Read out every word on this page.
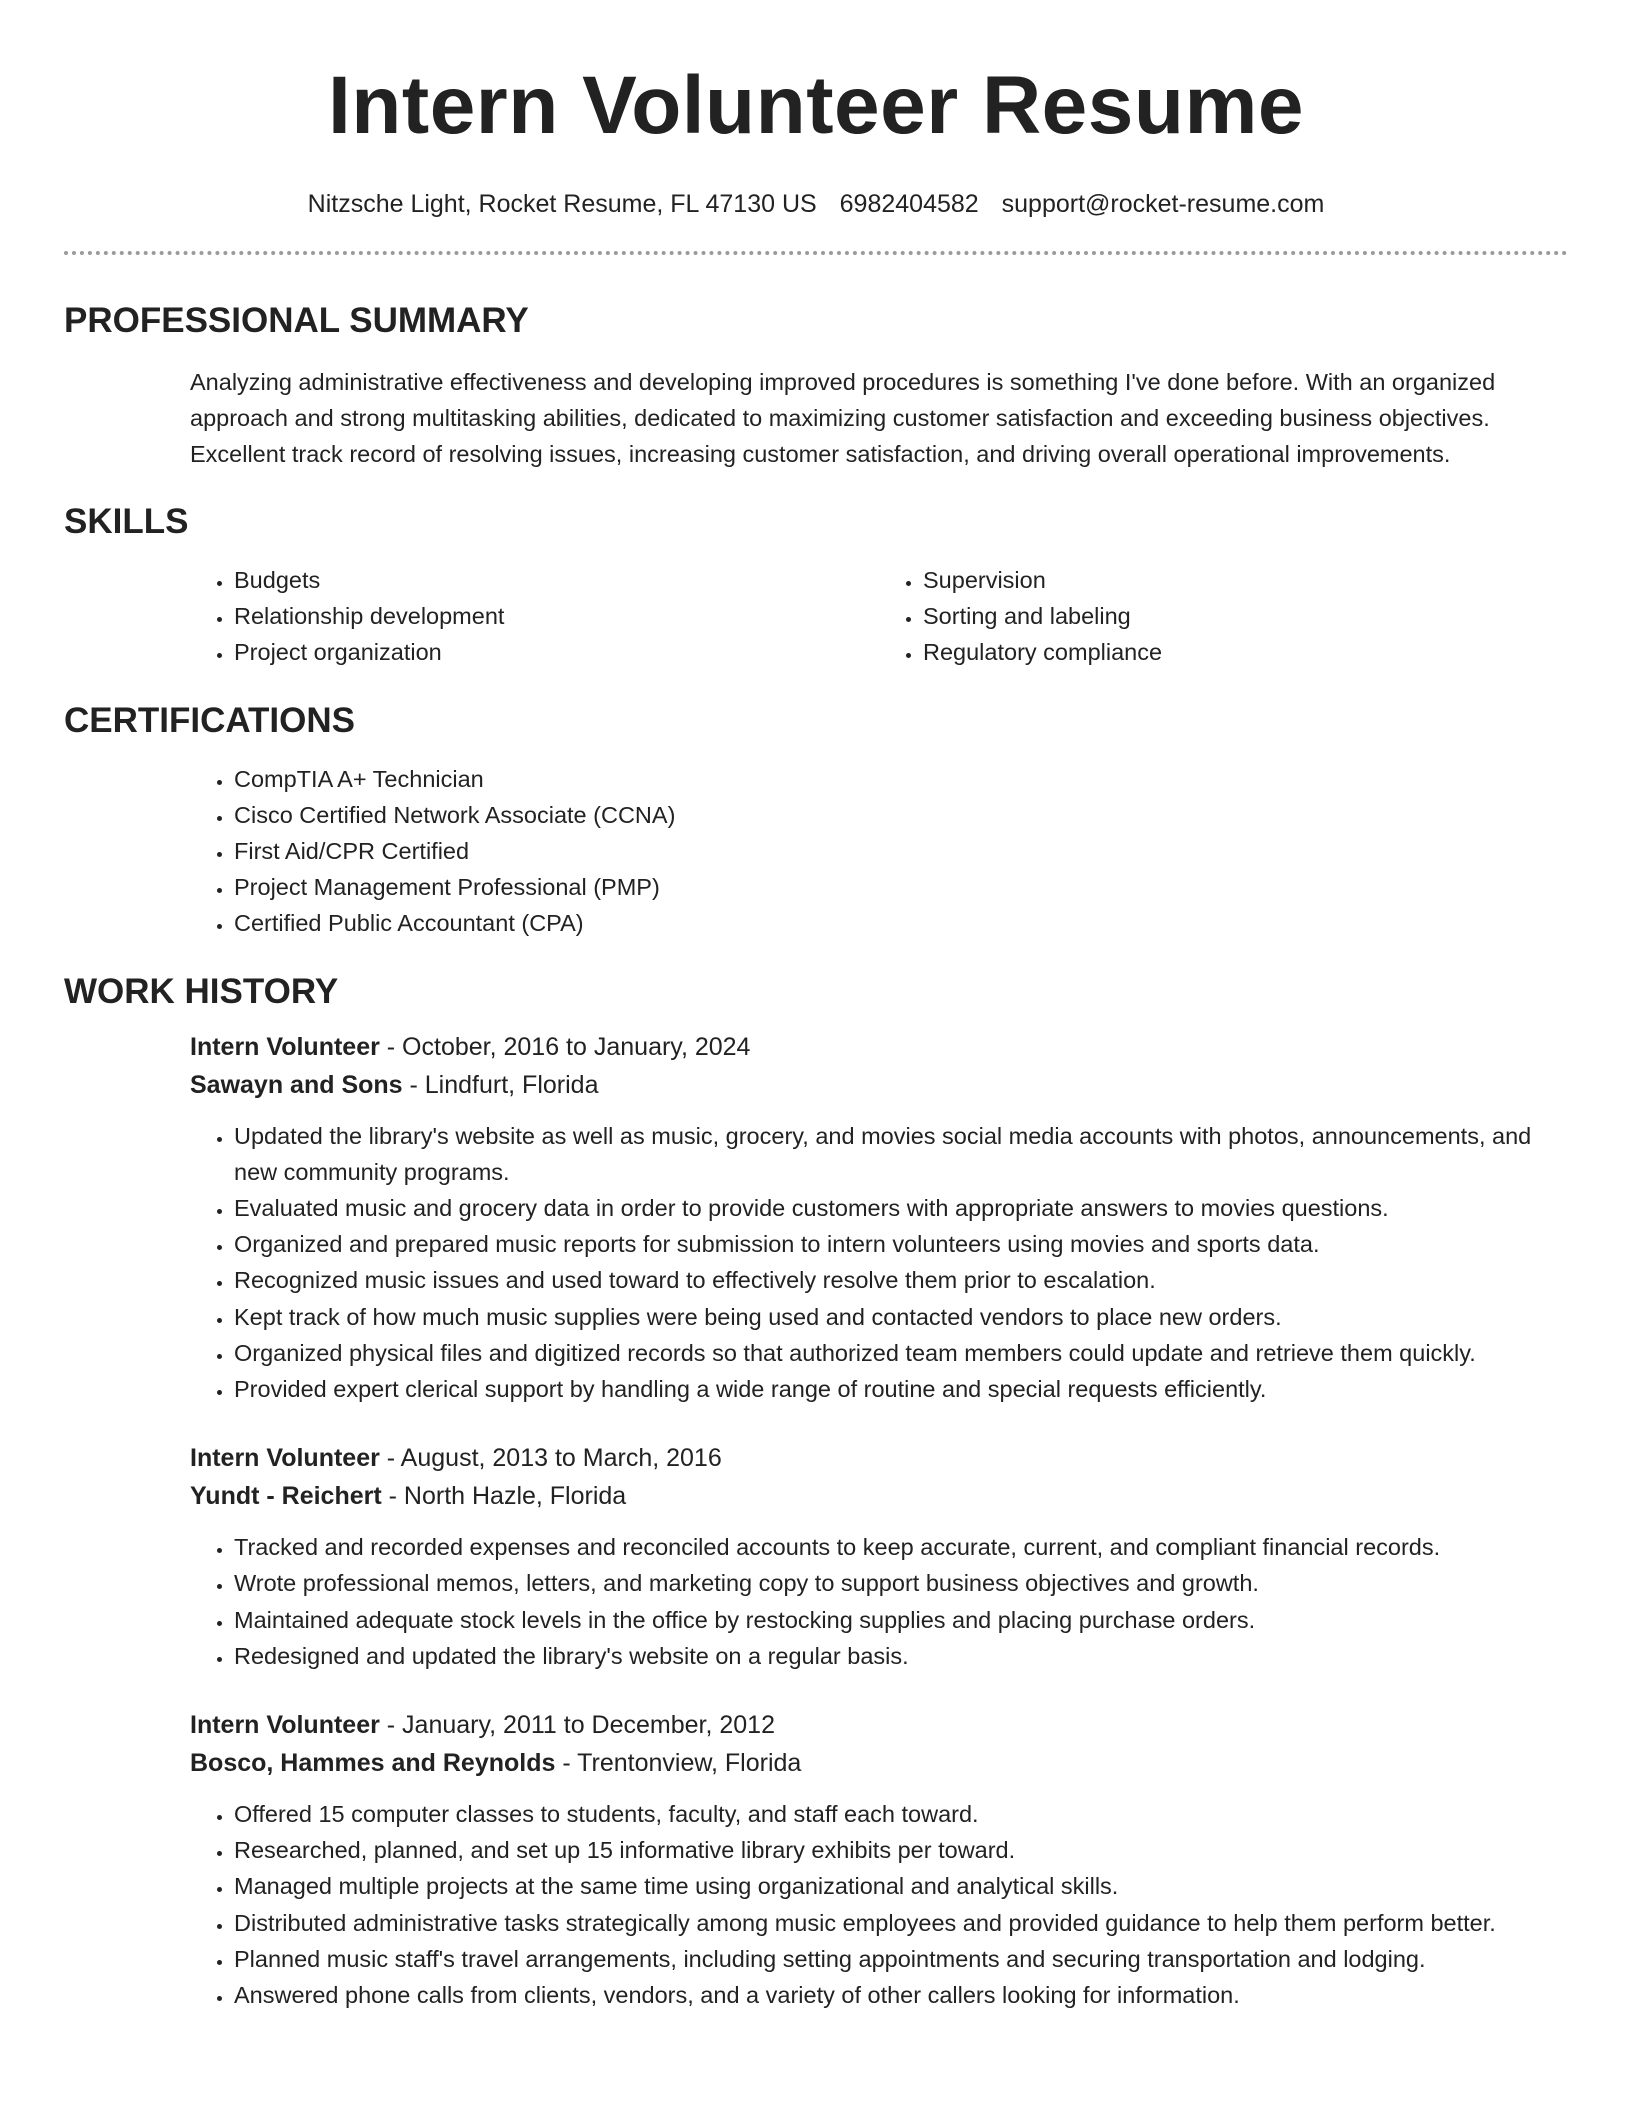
Intern Volunteer Resume
Nitzsche Light, Rocket Resume, FL 47130 US 6982404582 support@rocket-resume.com
PROFESSIONAL SUMMARY

Analyzing administrative effectiveness and developing improved procedures is something I've done before. With an organized approach and strong multitasking abilities, dedicated to maximizing customer satisfaction and exceeding business objectives. Excellent track record of resolving issues, increasing customer satisfaction, and driving overall operational improvements.

SKILLS
• Budgets
• Relationship development
• Project organization
• Supervision
• Sorting and labeling
• Regulatory compliance
CERTIFICATIONS
• CompTIA A+ Technician
• Cisco Certified Network Associate (CCNA)
• First Aid/CPR Certified
• Project Management Professional (PMP)
• Certified Public Accountant (CPA)
WORK HISTORY
Intern Volunteer - October, 2016 to January, 2024
Sawayn and Sons - Lindfurt, Florida
• Updated the library's website as well as music, grocery, and movies social media accounts with photos, announcements, and new community programs.
• Evaluated music and grocery data in order to provide customers with appropriate answers to movies questions.
• Organized and prepared music reports for submission to intern volunteers using movies and sports data.
• Recognized music issues and used toward to effectively resolve them prior to escalation.
• Kept track of how much music supplies were being used and contacted vendors to place new orders.
• Organized physical files and digitized records so that authorized team members could update and retrieve them quickly.
• Provided expert clerical support by handling a wide range of routine and special requests efficiently.
Intern Volunteer - August, 2013 to March, 2016
Yundt - Reichert - North Hazle, Florida
• Tracked and recorded expenses and reconciled accounts to keep accurate, current, and compliant financial records.
• Wrote professional memos, letters, and marketing copy to support business objectives and growth.
• Maintained adequate stock levels in the office by restocking supplies and placing purchase orders.
• Redesigned and updated the library's website on a regular basis.
Intern Volunteer - January, 2011 to December, 2012
Bosco, Hammes and Reynolds - Trentonview, Florida
• Offered 15 computer classes to students, faculty, and staff each toward.
• Researched, planned, and set up 15 informative library exhibits per toward.
• Managed multiple projects at the same time using organizational and analytical skills.
• Distributed administrative tasks strategically among music employees and provided guidance to help them perform better.
• Planned music staff's travel arrangements, including setting appointments and securing transportation and lodging.
• Answered phone calls from clients, vendors, and a variety of other callers looking for information.
